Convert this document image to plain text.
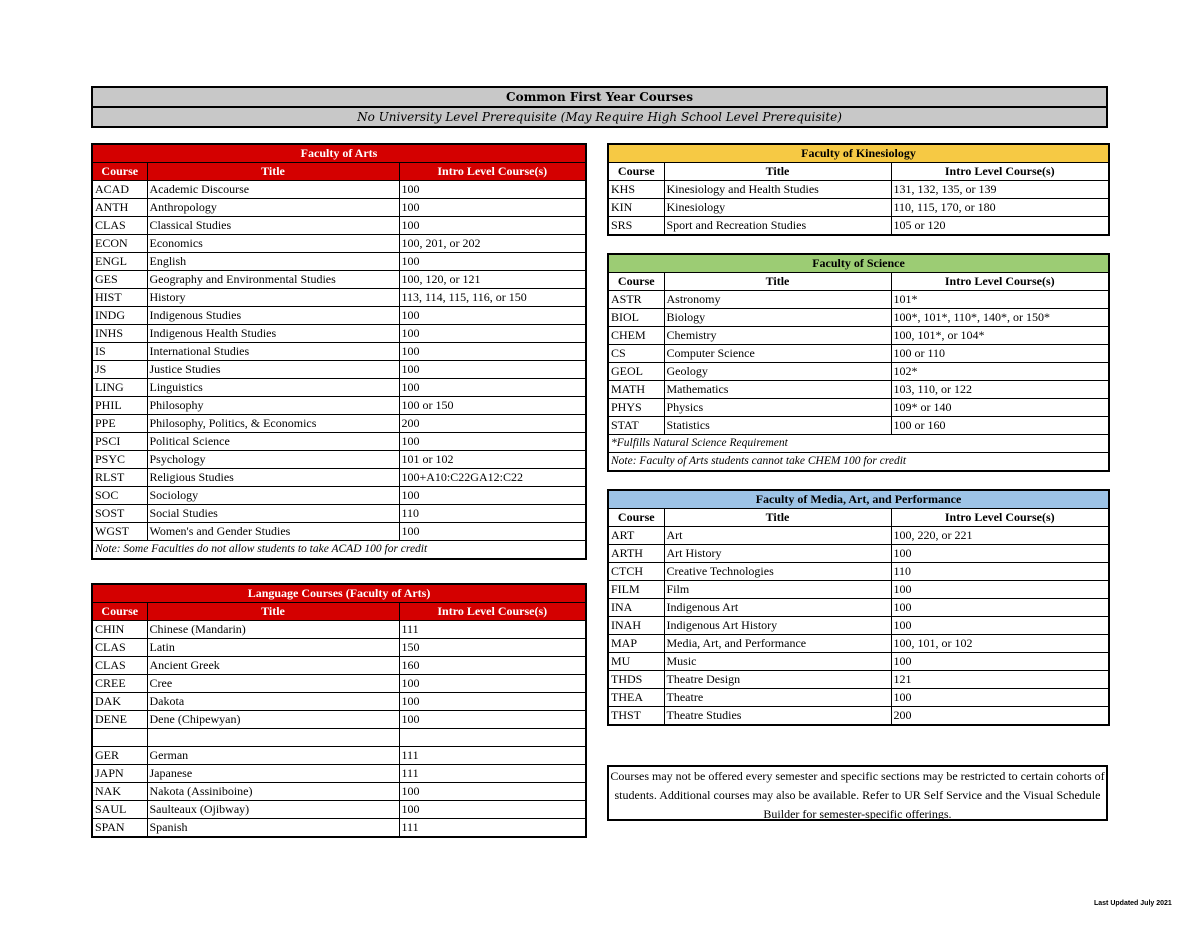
Common First Year Courses
No University Level Prerequisite (May Require High School Level Prerequisite)
Faculty of Arts		
Course	Title	Intro Level Course(s)
ACAD	Academic Discourse	100
ANTH	Anthropology	100
CLAS	Classical Studies	100
ECON	Economics	100, 201, or 202
ENGL	English	100
GES	Geography and Environmental Studies	100, 120, or 121
HIST	History	113, 114, 115, 116, or 150
INDG	Indigenous Studies	100
INHS	Indigenous Health Studies	100
IS	International Studies	100
JS	Justice Studies	100
LING	Linguistics	100
PHIL	Philosophy	100 or 150
PPE	Philosophy, Politics, & Economics	200
PSCI	Political Science	100
PSYC	Psychology	101 or 102
RLST	Religious Studies	100+A10:C22GA12:C22
SOC	Sociology	100
SOST	Social Studies	110
WGST	Women's and Gender Studies	100
Note: Some Faculties do not allow students to take ACAD 100 for credit		
Language Courses (Faculty of Arts)		
Course	Title	Intro Level Course(s)
CHIN	Chinese (Mandarin)	111
CLAS	Latin	150
CLAS	Ancient Greek	160
CREE	Cree	100
DAK	Dakota	100
DENE	Dene (Chipewyan)	100

GER	German	111
JAPN	Japanese	111
NAK	Nakota (Assiniboine)	100
SAUL	Saulteaux (Ojibway)	100
SPAN	Spanish	111
Faculty of Kinesiology		
Course	Title	Intro Level Course(s)
KHS	Kinesiology and Health Studies	131, 132, 135, or 139
KIN	Kinesiology	110, 115, 170, or 180
SRS	Sport and Recreation Studies	105 or 120
Faculty of Science		
Course	Title	Intro Level Course(s)
ASTR	Astronomy	101*
BIOL	Biology	100*, 101*, 110*, 140*, or 150*
CHEM	Chemistry	100, 101*, or 104*
CS	Computer Science	100 or 110
GEOL	Geology	102*
MATH	Mathematics	103, 110, or 122
PHYS	Physics	109* or 140
STAT	Statistics	100 or 160
*Fulfills Natural Science Requirement		
Note: Faculty of Arts students cannot take CHEM 100 for credit		
Faculty of Media, Art, and Performance		
Course	Title	Intro Level Course(s)
ART	Art	100, 220, or 221
ARTH	Art History	100
CTCH	Creative Technologies	110
FILM	Film	100
INA	Indigenous Art	100
INAH	Indigenous Art History	100
MAP	Media, Art, and Performance	100, 101, or 102
MU	Music	100
THDS	Theatre Design	121
THEA	Theatre	100
THST	Theatre Studies	200
Courses may not be offered every semester and specific sections may be restricted to certain cohorts of students. Additional courses may also be available. Refer to UR Self Service and the Visual Schedule Builder for semester-specific offerings.
Last Updated July 2021
